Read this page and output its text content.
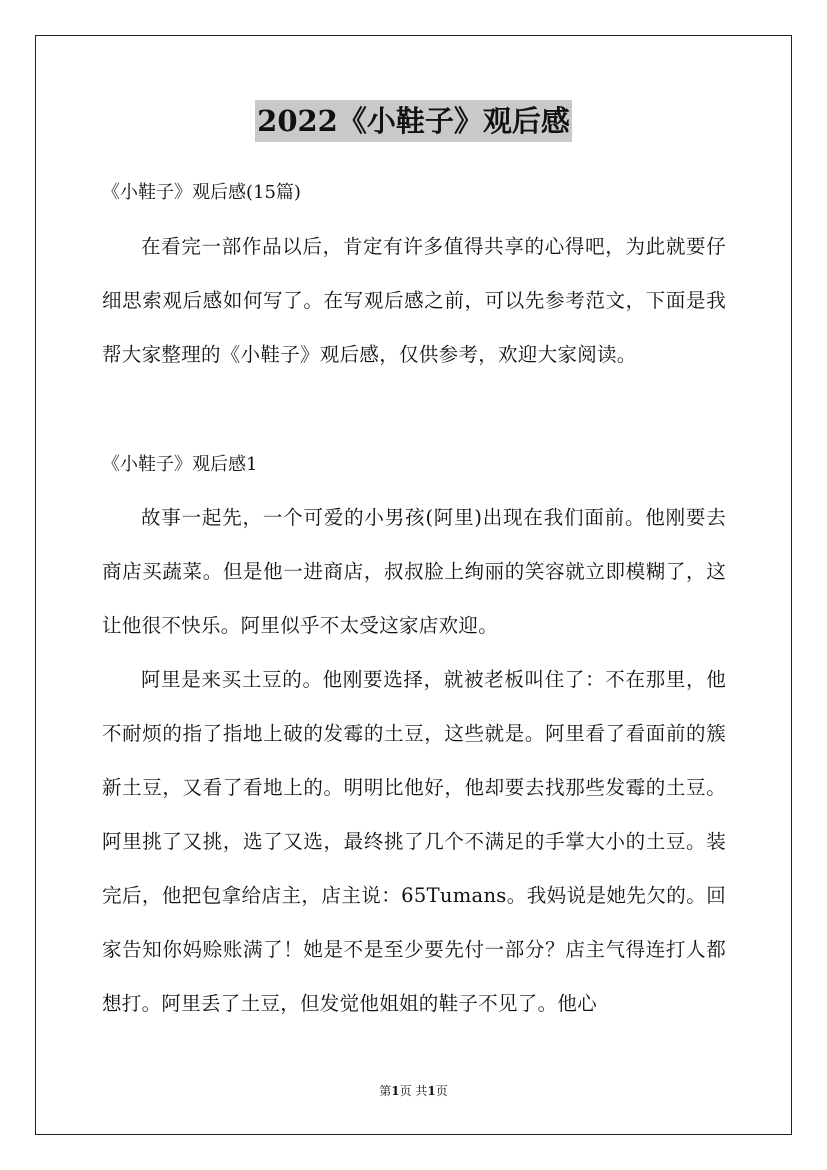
2022《小鞋子》观后感
《小鞋子》观后感(15篇)

在看完一部作品以后，肯定有许多值得共享的心得吧，为此就要仔细思索观后感如何写了。在写观后感之前，可以先参考范文，下面是我帮大家整理的《小鞋子》观后感，仅供参考，欢迎大家阅读。

《小鞋子》观后感1

故事一起先，一个可爱的小男孩(阿里)出现在我们面前。他刚要去商店买蔬菜。但是他一进商店，叔叔脸上绚丽的笑容就立即模糊了，这让他很不快乐。阿里似乎不太受这家店欢迎。

阿里是来买土豆的。他刚要选择，就被老板叫住了：不在那里，他不耐烦的指了指地上破的发霉的土豆，这些就是。阿里看了看面前的簇新土豆，又看了看地上的。明明比他好，他却要去找那些发霉的土豆。阿里挑了又挑，选了又选，最终挑了几个不满足的手掌大小的土豆。装完后，他把包拿给店主，店主说：65Tumans。我妈说是她先欠的。回家告知你妈赊账满了！她是不是至少要先付一部分？店主气得连打人都想打。阿里丢了土豆，但发觉他姐姐的鞋子不见了。他心

第1页 共1页
